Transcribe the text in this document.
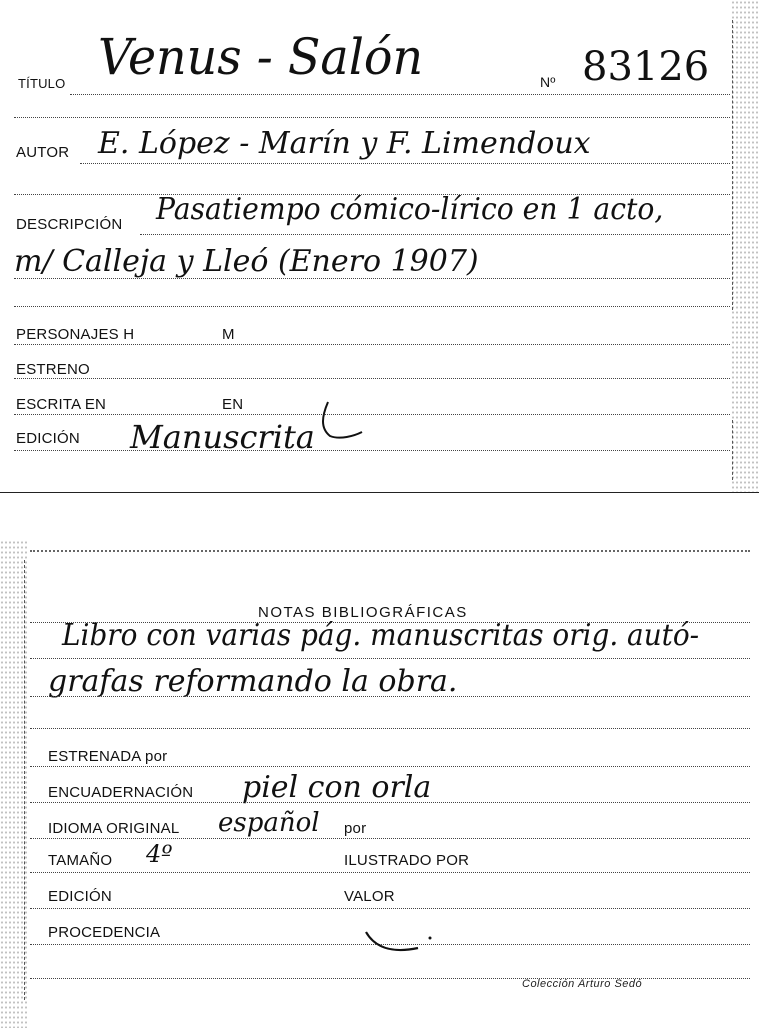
TÍTULO Venus - Salón	Nº 83126
AUTOR E. López - Marín y F. Limendoux
DESCRIPCIÓN Pasatiempo cómico-lírico en 1 acto,
m/ Calleja y Lleó (Enero 1907)
PERSONAJES H	M
ESTRENO
ESCRITA EN	EN
EDICIÓN Manuscrita
NOTAS BIBLIOGRÁFICAS
Libro con varias pág. manuscritas orig. autó-
grafas reformando la obra.
ESTRENADA por
ENCUADERNACIÓN piel con orla
IDIOMA ORIGINAL español por
TAMAÑO 4º	ILUSTRADO POR
EDICIÓN	VALOR
PROCEDENCIA
Colección Arturo Sedó
